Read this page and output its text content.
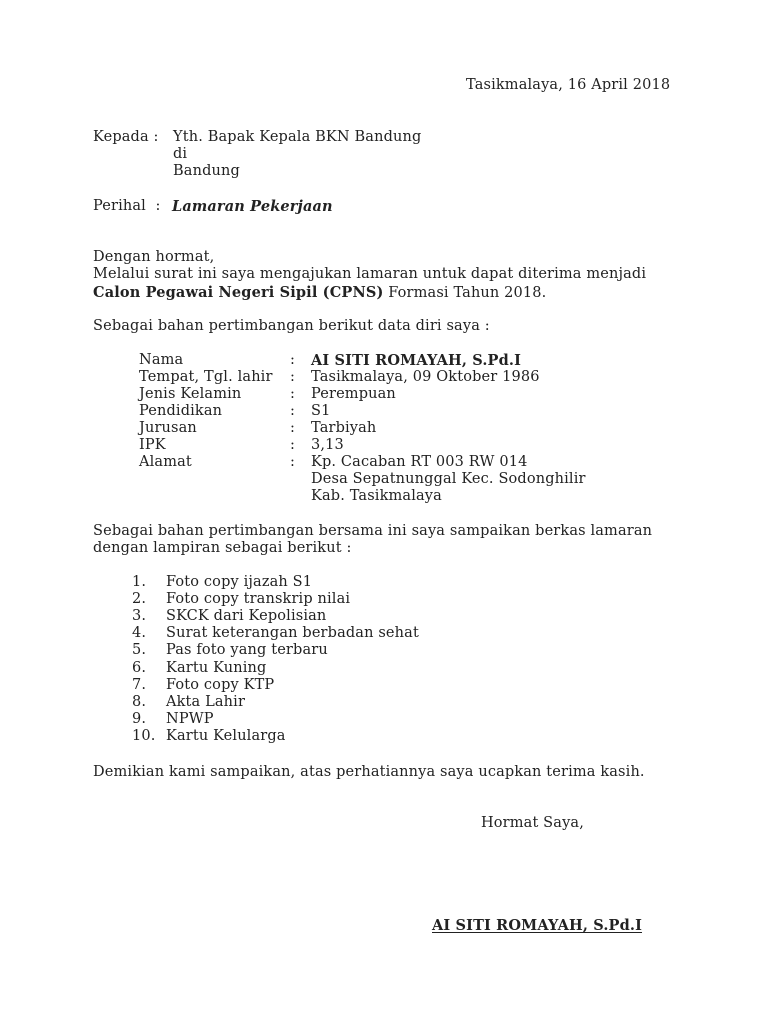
Tasikmalaya, 16 April 2018
Kepada : Yth. Bapak Kepala BKN Bandung
di
Bandung
Perihal  : Lamaran Pekerjaan
Dengan hormat,
Melalui surat ini saya mengajukan lamaran untuk dapat diterima menjadi
Calon Pegawai Negeri Sipil (CPNS) Formasi Tahun 2018.
Sebagai bahan pertimbangan berikut data diri saya :
Nama	: AI SITI ROMAYAH, S.Pd.I
Tempat, Tgl. lahir : Tasikmalaya, 09 Oktober 1986
Jenis Kelamin	: Perempuan
Pendidikan	: S1
Jurusan	: Tarbiyah
IPK	: 3,13
Alamat	: Kp. Cacaban RT 003 RW 014
Desa Sepatnunggal Kec. Sodonghilir
Kab. Tasikmalaya
Sebagai bahan pertimbangan bersama ini saya sampaikan berkas lamaran
dengan lampiran sebagai berikut :
1. Foto copy ijazah S1
2. Foto copy transkrip nilai
3. SKCK dari Kepolisian
4. Surat keterangan berbadan sehat
5. Pas foto yang terbaru
6. Kartu Kuning
7. Foto copy KTP
8. Akta Lahir
9. NPWP
10. Kartu Kelularga
Demikian kami sampaikan, atas perhatiannya saya ucapkan terima kasih.
Hormat Saya,
AI SITI ROMAYAH, S.Pd.I
